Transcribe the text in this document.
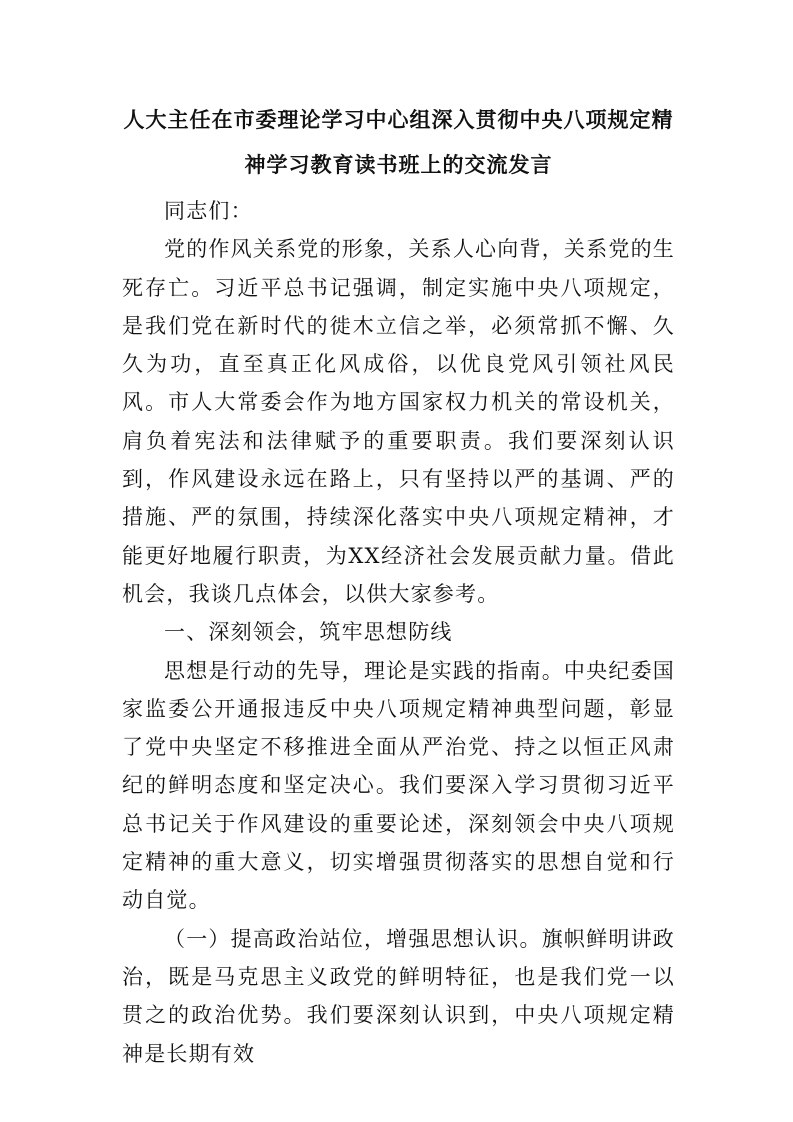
人大主任在市委理论学习中心组深入贯彻中央八项规定精
神学习教育读书班上的交流发言

同志们：

党的作风关系党的形象，关系人心向背，关系党的生死存亡。习近平总书记强调，制定实施中央八项规定，是我们党在新时代的徙木立信之举，必须常抓不懈、久久为功，直至真正化风成俗，以优良党风引领社风民风。市人大常委会作为地方国家权力机关的常设机关，肩负着宪法和法律赋予的重要职责。我们要深刻认识到，作风建设永远在路上，只有坚持以严的基调、严的措施、严的氛围，持续深化落实中央八项规定精神，才能更好地履行职责，为XX经济社会发展贡献力量。借此机会，我谈几点体会，以供大家参考。

一、深刻领会，筑牢思想防线

思想是行动的先导，理论是实践的指南。中央纪委国家监委公开通报违反中央八项规定精神典型问题，彰显了党中央坚定不移推进全面从严治党、持之以恒正风肃纪的鲜明态度和坚定决心。我们要深入学习贯彻习近平总书记关于作风建设的重要论述，深刻领会中央八项规定精神的重大意义，切实增强贯彻落实的思想自觉和行动自觉。

（一）提高政治站位，增强思想认识。旗帜鲜明讲政治，既是马克思主义政党的鲜明特征，也是我们党一以贯之的政治优势。我们要深刻认识到，中央八项规定精神是长期有效
